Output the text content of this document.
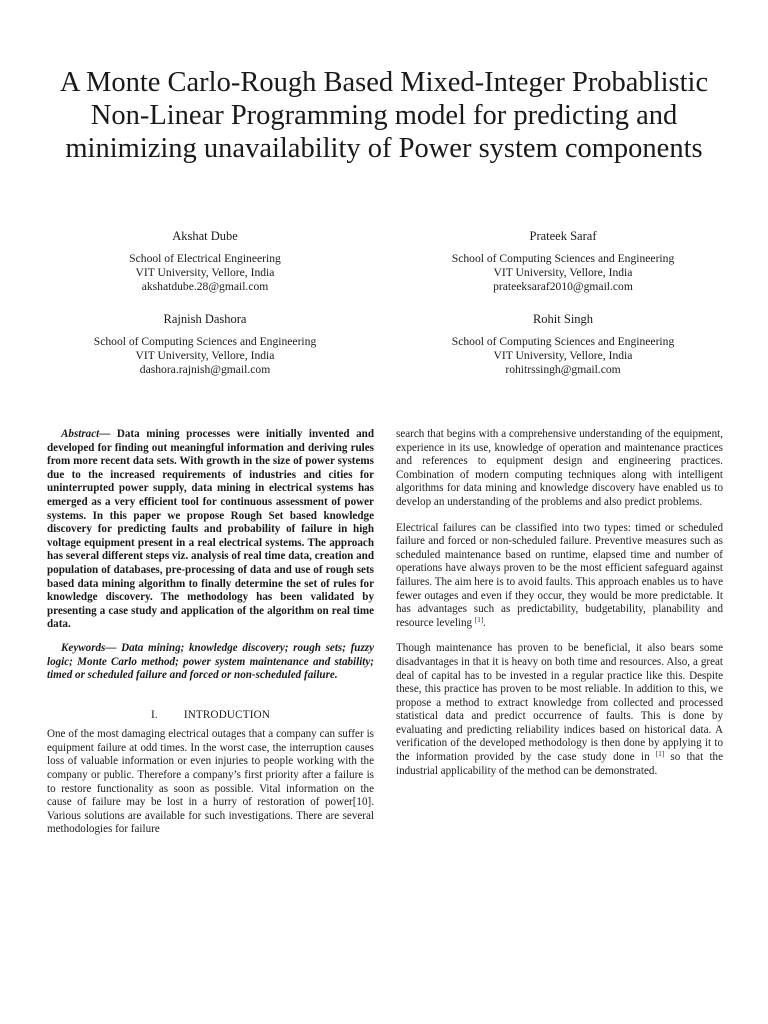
A Monte Carlo-Rough Based Mixed-Integer Probablistic Non-Linear Programming model for predicting and minimizing unavailability of Power system components
Akshat Dube
School of Electrical Engineering
VIT University, Vellore, India
akshatdube.28@gmail.com
Prateek Saraf
School of Computing Sciences and Engineering
VIT University, Vellore, India
prateeksaraf2010@gmail.com
Rajnish Dashora
School of Computing Sciences and Engineering
VIT University, Vellore, India
dashora.rajnish@gmail.com
Rohit Singh
School of Computing Sciences and Engineering
VIT University, Vellore, India
rohitrssingh@gmail.com

Abstract— Data mining processes were initially invented and developed for finding out meaningful information and deriving rules from more recent data sets. With growth in the size of power systems due to the increased requirements of industries and cities for uninterrupted power supply, data mining in electrical systems has emerged as a very efficient tool for continuous assessment of power systems. In this paper we propose Rough Set based knowledge discovery for predicting faults and probability of failure in high voltage equipment present in a real electrical systems. The approach has several different steps viz. analysis of real time data, creation and population of databases, pre-processing of data and use of rough sets based data mining algorithm to finally determine the set of rules for knowledge discovery. The methodology has been validated by presenting a case study and application of the algorithm on real time data.

Keywords— Data mining; knowledge discovery; rough sets; fuzzy logic; Monte Carlo method; power system maintenance and stability; timed or scheduled failure and forced or non-scheduled failure.

I. INTRODUCTION

One of the most damaging electrical outages that a company can suffer is equipment failure at odd times. In the worst case, the interruption causes loss of valuable information or even injuries to people working with the company or public. Therefore a company’s first priority after a failure is to restore functionality as soon as possible. Vital information on the cause of failure may be lost in a hurry of restoration of power[10]. Various solutions are available for such investigations. There are several methodologies for failure

search that begins with a comprehensive understanding of the equipment, experience in its use, knowledge of operation and maintenance practices and references to equipment design and engineering practices. Combination of modern computing techniques along with intelligent algorithms for data mining and knowledge discovery have enabled us to develop an understanding of the problems and also predict problems.

Electrical failures can be classified into two types: timed or scheduled failure and forced or non-scheduled failure. Preventive measures such as scheduled maintenance based on runtime, elapsed time and number of operations have always proven to be the most efficient safeguard against failures. The aim here is to avoid faults. This approach enables us to have fewer outages and even if they occur, they would be more predictable. It has advantages such as predictability, budgetability, planability and resource leveling [1].

Though maintenance has proven to be beneficial, it also bears some disadvantages in that it is heavy on both time and resources. Also, a great deal of capital has to be invested in a regular practice like this. Despite these, this practice has proven to be most reliable. In addition to this, we propose a method to extract knowledge from collected and processed statistical data and predict occurrence of faults. This is done by evaluating and predicting reliability indices based on historical data. A verification of the developed methodology is then done by applying it to the information provided by the case study done in [1] so that the industrial applicability of the method can be demonstrated.
